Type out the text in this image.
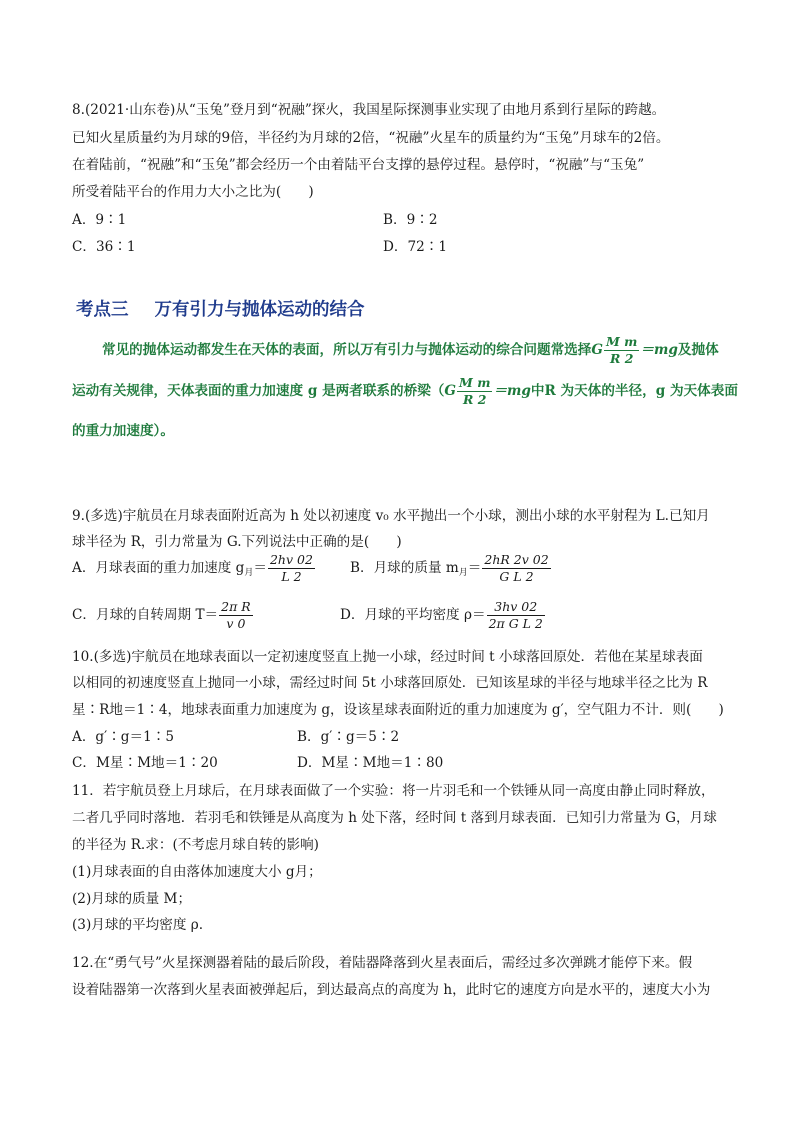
8.(2021·山东卷)从“玉兔”登月到“祝融”探火，我国星际探测事业实现了由地月系到行星际的跨越。
已知火星质量约为月球的9倍，半径约为月球的2倍，“祝融”火星车的质量约为“玉兔”月球车的2倍。
在着陆前，“祝融”和“玉兔”都会经历一个由着陆平台支撑的悬停过程。悬停时，“祝融”与“玉兔”
所受着陆平台的作用力大小之比为(　　)
A．9∶1	B．9∶2
C．36∶1	D．72∶1
考点三 万有引力与抛体运动的结合
常见的抛体运动都发生在天体的表面，所以万有引力与抛体运动的综合问题常选择G $\frac{\text{M m}}{R 2} =mg$及抛体
运动有关规律，天体表面的重力加速度 g 是两者联系的桥梁（$G \frac{\text{M m}}{R 2} =mg$中R 为天体的半径，g 为天体表面
的重力加速度）。
9.(多选)宇航员在月球表面附近高为 h 处以初速度 v₀ 水平抛出一个小球，测出小球的水平射程为 L.已知月
球半径为 R，引力常量为 G.下列说法中正确的是(　　)
A．月球表面的重力加速度 $g_月= \frac{2hv 02}{L 2}$	B．月球的质量 $m_月= \frac{2hR 2v 02}{\text{G L 2}}$
C．月球的自转周期 $T= \frac{\text{2π R}}{v 0}$	D．月球的平均密度 $\rho= \frac{3hv 02}{\text{2π G L 2}}$
10.(多选)宇航员在地球表面以一定初速度竖直上抛一小球，经过时间 t 小球落回原处．若他在某星球表面
以相同的初速度竖直上抛同一小球，需经过时间 5t 小球落回原处．已知该星球的半径与地球半径之比为 R
星∶R地＝1∶4，地球表面重力加速度为 g，设该星球表面附近的重力加速度为 g′，空气阻力不计．则(　　)
A．g′∶g＝1∶5	B．g′∶g＝5∶2
C．M星∶M地＝1∶20	D．M星∶M地＝1∶80
11．若宇航员登上月球后，在月球表面做了一个实验：将一片羽毛和一个铁锤从同一高度由静止同时释放，
二者几乎同时落地．若羽毛和铁锤是从高度为 h 处下落，经时间 t 落到月球表面．已知引力常量为 G，月球
的半径为 R.求：(不考虑月球自转的影响)
(1)月球表面的自由落体加速度大小 g月；
(2)月球的质量 M；
(3)月球的平均密度 ρ.
12.在“勇气号”火星探测器着陆的最后阶段，着陆器降落到火星表面后，需经过多次弹跳才能停下来。假
设着陆器第一次落到火星表面被弹起后，到达最高点的高度为 h，此时它的速度方向是水平的，速度大小为
